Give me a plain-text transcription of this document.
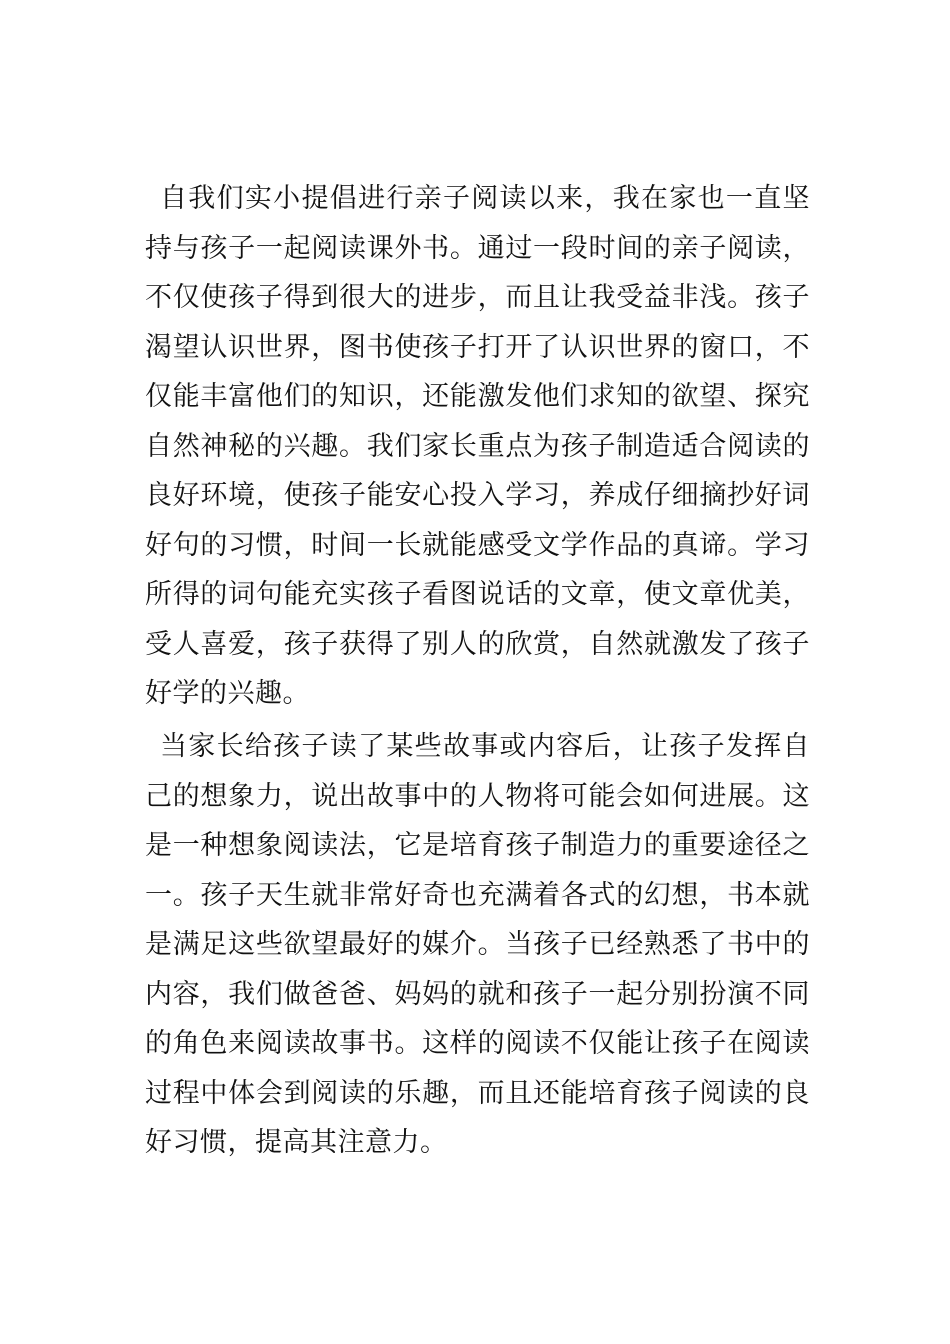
自我们实小提倡进行亲子阅读以来，我在家也一直坚持与孩子一起阅读课外书。通过一段时间的亲子阅读，不仅使孩子得到很大的进步，而且让我受益非浅。孩子渴望认识世界，图书使孩子打开了认识世界的窗口，不仅能丰富他们的知识，还能激发他们求知的欲望、探究自然神秘的兴趣。我们家长重点为孩子制造适合阅读的良好环境，使孩子能安心投入学习，养成仔细摘抄好词好句的习惯，时间一长就能感受文学作品的真谛。学习所得的词句能充实孩子看图说话的文章，使文章优美，受人喜爱，孩子获得了别人的欣赏，自然就激发了孩子好学的兴趣。

当家长给孩子读了某些故事或内容后，让孩子发挥自己的想象力，说出故事中的人物将可能会如何进展。这是一种想象阅读法，它是培育孩子制造力的重要途径之一。孩子天生就非常好奇也充满着各式的幻想，书本就是满足这些欲望最好的媒介。当孩子已经熟悉了书中的内容，我们做爸爸、妈妈的就和孩子一起分别扮演不同的角色来阅读故事书。这样的阅读不仅能让孩子在阅读过程中体会到阅读的乐趣，而且还能培育孩子阅读的良好习惯，提高其注意力。
